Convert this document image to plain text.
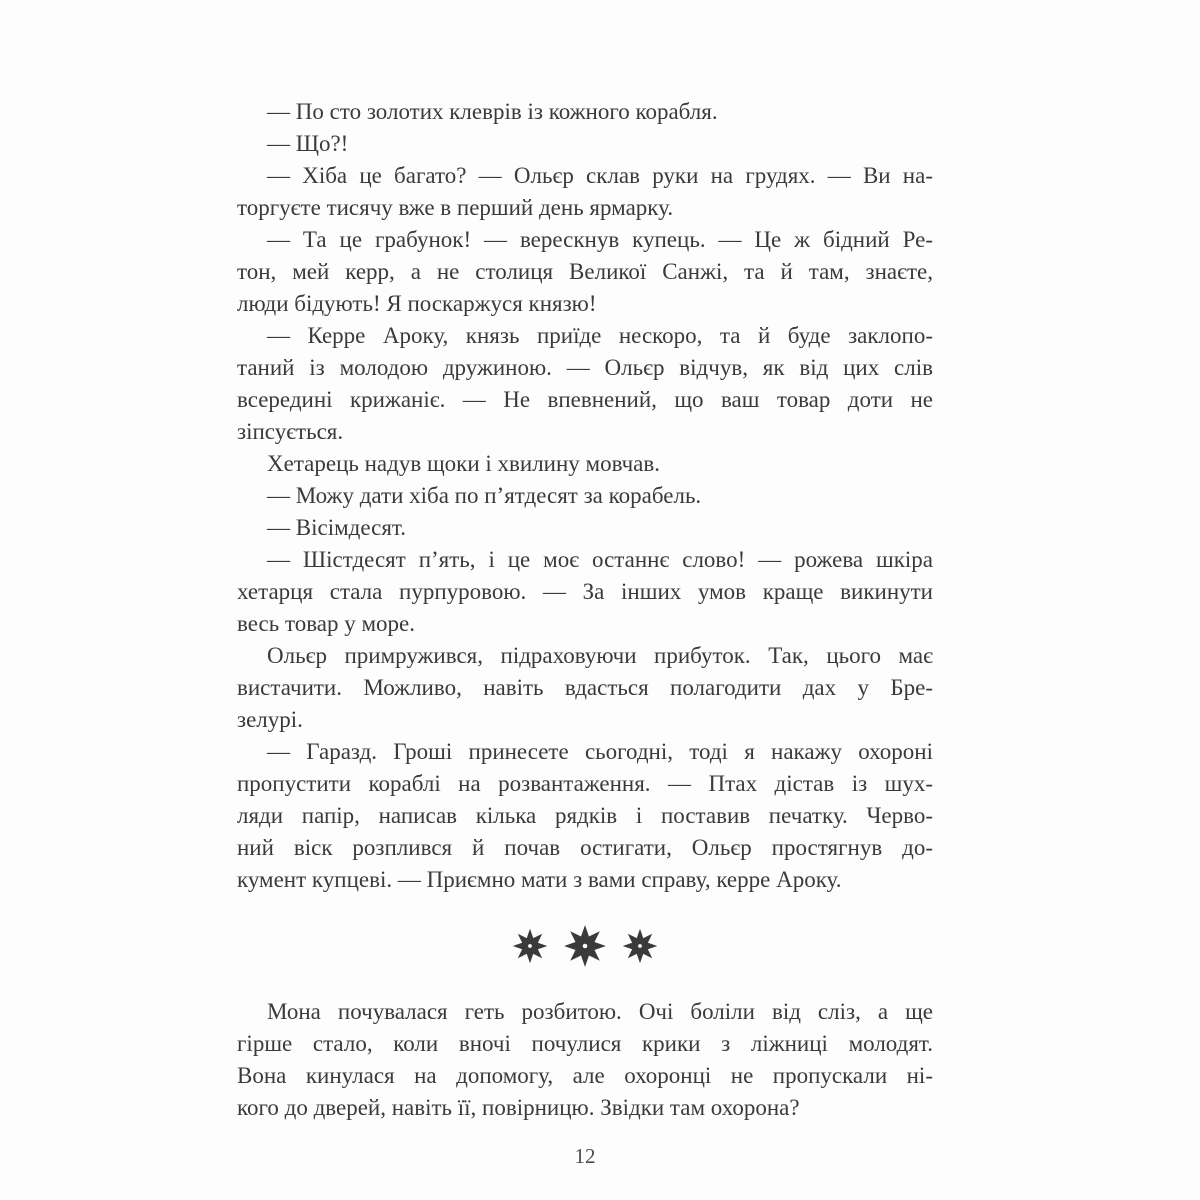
— По сто золотих клеврів із кожного корабля.

— Що?!

— Хіба це багато? — Ольєр склав руки на грудях. — Ви на-
торгуєте тисячу вже в перший день ярмарку.

— Та це грабунок! — верескнув купець. — Це ж бідний Ре-
тон, мей керр, а не столиця Великої Санжі, та й там, знаєте,
люди бідують! Я поскаржуся князю!

— Керре Ароку, князь приїде нескоро, та й буде заклопо-
таний із молодою дружиною. — Ольєр відчув, як від цих слів
всередині крижаніє. — Не впевнений, що ваш товар доти не
зіпсується.

Хетарець надув щоки і хвилину мовчав.

— Можу дати хіба по п’ятдесят за корабель.

— Вісімдесят.

— Шістдесят п’ять, і це моє останнє слово! — рожева шкіра
хетарця стала пурпуровою. — За інших умов краще викинути
весь товар у море.

Ольєр примружився, підраховуючи прибуток. Так, цього має
вистачити. Можливо, навіть вдасться полагодити дах у Бре-
зелурі.

— Гаразд. Гроші принесете сьогодні, тоді я накажу охороні
пропустити кораблі на розвантаження. — Птах дістав із шух-
ляди папір, написав кілька рядків і поставив печатку. Черво-
ний віск розплився й почав остигати, Ольєр простягнув до-
кумент купцеві. — Приємно мати з вами справу, керре Ароку.

Мона почувалася геть розбитою. Очі боліли від сліз, а ще
гірше стало, коли вночі почулися крики з ліжниці молодят.
Вона кинулася на допомогу, але охоронці не пропускали ні-
кого до дверей, навіть її, повірницю. Звідки там охорона?

12
